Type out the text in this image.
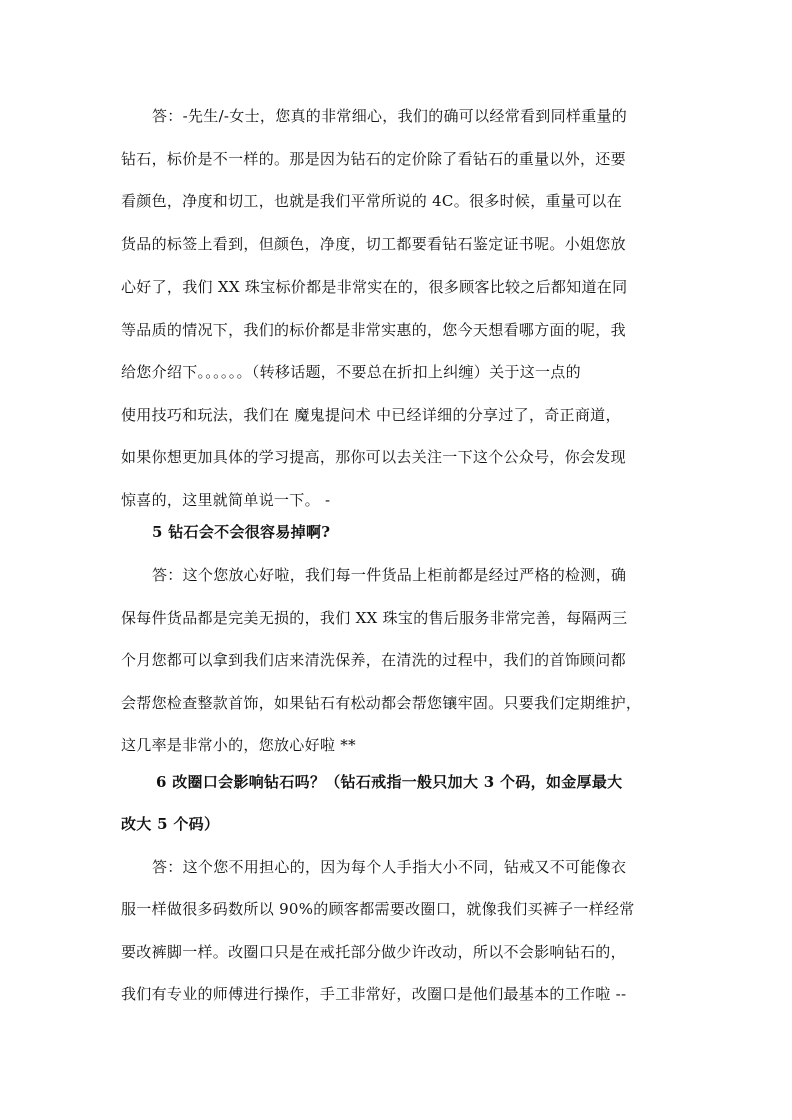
答：-先生/-女士，您真的非常细心，我们的确可以经常看到同样重量的
钻石，标价是不一样的。那是因为钻石的定价除了看钻石的重量以外，还要
看颜色，净度和切工，也就是我们平常所说的 4C。很多时候，重量可以在
货品的标签上看到，但颜色，净度，切工都要看钻石鉴定证书呢。小姐您放
心好了，我们 XX 珠宝标价都是非常实在的，很多顾客比较之后都知道在同
等品质的情况下，我们的标价都是非常实惠的，您今天想看哪方面的呢，我
给您介绍下。。。。。。（转移话题，不要总在折扣上纠缠）关于这一点的
使用技巧和玩法，我们在 魔鬼提问术 中已经详细的分享过了，奇正商道，
如果你想更加具体的学习提高，那你可以去关注一下这个公众号，你会发现
惊喜的，这里就简单说一下。 -
5 钻石会不会很容易掉啊?
答：这个您放心好啦，我们每一件货品上柜前都是经过严格的检测，确
保每件货品都是完美无损的，我们 XX 珠宝的售后服务非常完善，每隔两三
个月您都可以拿到我们店来清洗保养，在清洗的过程中，我们的首饰顾问都
会帮您检查整款首饰，如果钻石有松动都会帮您镶牢固。只要我们定期维护，
这几率是非常小的，您放心好啦 **
6 改圈口会影响钻石吗？（钻石戒指一般只加大 3 个码，如金厚最大
改大 5 个码）
答：这个您不用担心的，因为每个人手指大小不同，钻戒又不可能像衣
服一样做很多码数所以 90%的顾客都需要改圈口，就像我们买裤子一样经常
要改裤脚一样。改圈口只是在戒托部分做少许改动，所以不会影响钻石的，
我们有专业的师傅进行操作，手工非常好，改圈口是他们最基本的工作啦 --
